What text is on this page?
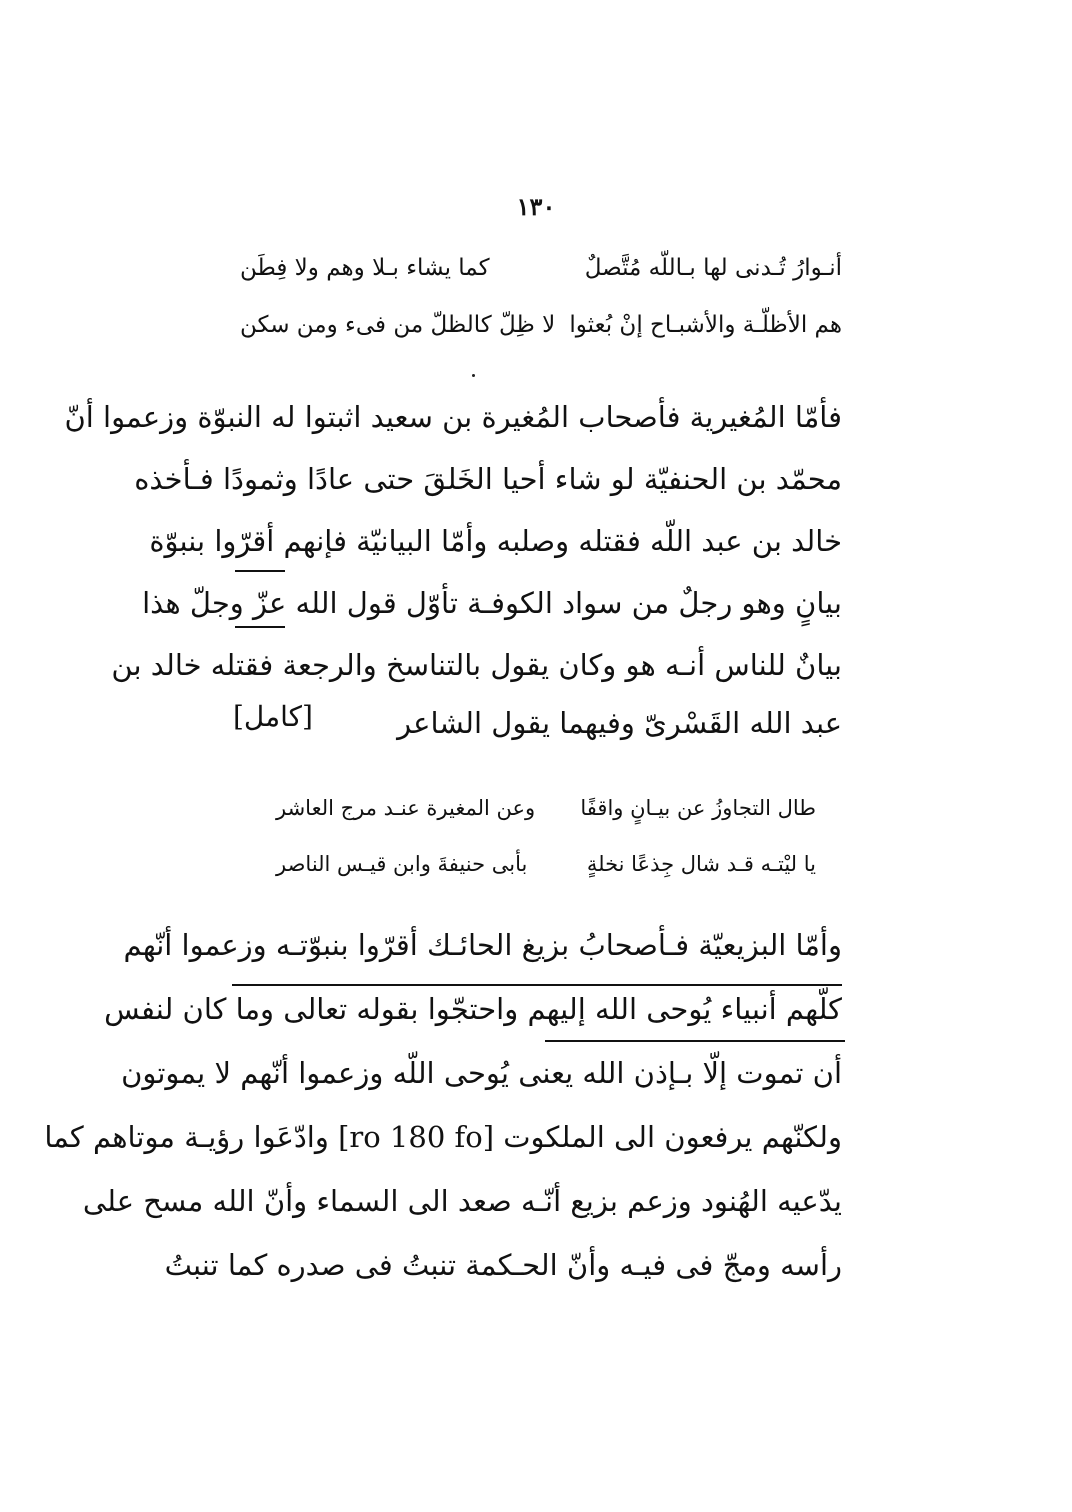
١٣٠
أنـوارُ تُـدنى لها بـاللّه مُتَّصلٌ
كما يشاء بـلا وهم ولا فِطَن
هم الأظلّـة والأشبـاح إنْ بُعثوا
لا ظِلّ كالظلّ من فىء ومن سكن
فأمّا المُغيرية فأصحاب المُغيرة بن سعيد اثبتوا له النبوّة وزعموا أنّ
محمّد بن الحنفيّة لو شاء أحيا الخَلقَ حتى عادًا وثمودًا فـأخذه
خالد بن عبد اللّه فقتله وصلبه وأمّا البيانيّة فإنهم أقرّوا بنبوّة
بيانٍ وهو رجلٌ من سواد الكوفـة تأوّل قول الله عزّ وجلّ هذا
بيانٌ للناس أنـه هو وكان يقول بالتناسخ والرجعة فقتله خالد بن
عبد الله القَسْرىّ وفيهما يقول الشاعر
[كامل]
طال التجاوزُ عن بيـانٍ واقفًا
وعن المغيرة عنـد مرج العاشر
يا ليْتـه قـد شال جِذعًا نخلةٍ
بأبى حنيفةَ وابن قيـس الناصر
وأمّا البزيعيّة فـأصحابُ بزيغ الحائـك أقرّوا بنبوّتـه وزعموا أنّهم
كلّهم أنبياء يُوحى الله إليهم واحتجّوا بقوله تعالى وما كان لنفس
أن تموت إلّا بـإذن الله يعنى يُوحى اللّه وزعموا أنّهم لا يموتون
ولكنّهم يرفعون الى الملكوت [ro 180 fo] وادّعَوا رؤيـة موتاهم كما
يدّعيه الهُنود وزعم بزيع أنّـه صعد الى السماء وأنّ الله مسح على
رأسه ومجّ فى فيـه وأنّ الحـكمة تنبتُ فى صدره كما تنبتُ
